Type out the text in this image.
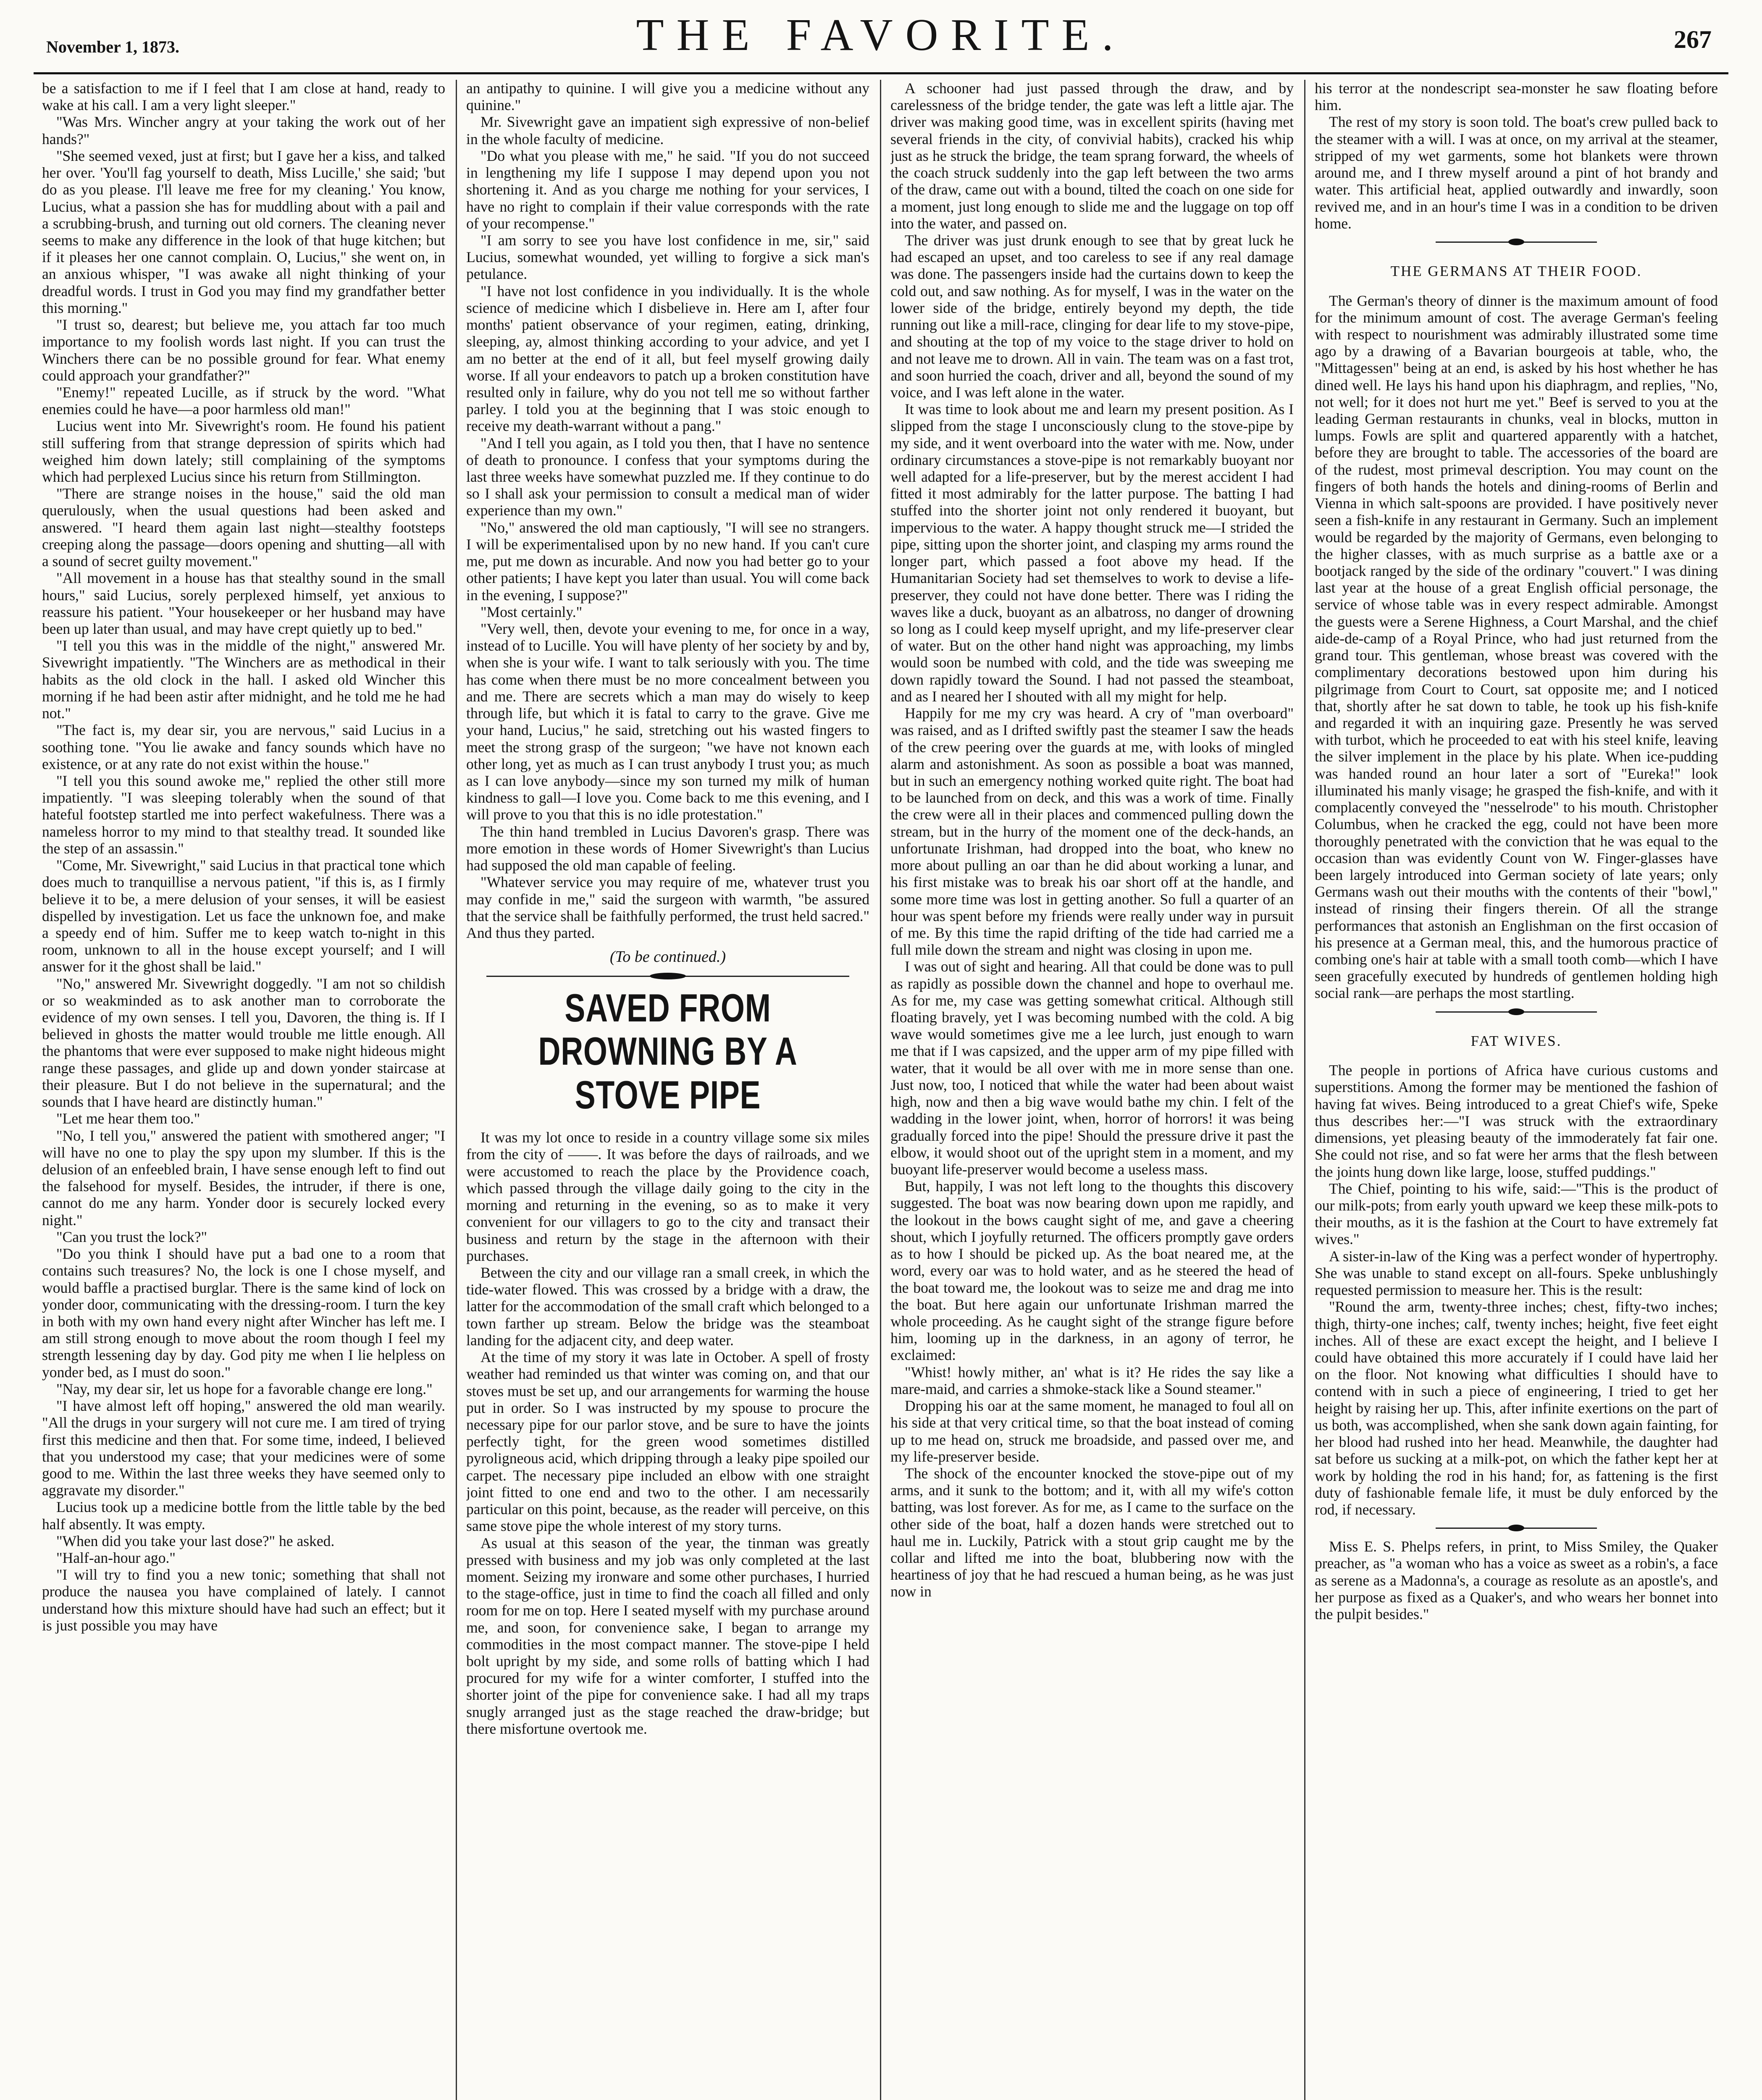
November 1, 1873.	THE FAVORITE.	267

be a satisfaction to me if I feel that I am close at hand, ready to wake at his call. I am a very light sleeper."

"Was Mrs. Wincher angry at your taking the work out of her hands?"

"She seemed vexed, just at first; but I gave her a kiss, and talked her over. 'You'll fag yourself to death, Miss Lucille,' she said; 'but do as you please. I'll leave me free for my cleaning.' You know, Lucius, what a passion she has for muddling about with a pail and a scrubbing-brush, and turning out old corners. The cleaning never seems to make any difference in the look of that huge kitchen; but if it pleases her one cannot complain. O, Lucius," she went on, in an anxious whisper, "I was awake all night thinking of your dreadful words. I trust in God you may find my grandfather better this morning."

"I trust so, dearest; but believe me, you attach far too much importance to my foolish words last night. If you can trust the Winchers there can be no possible ground for fear. What enemy could approach your grandfather?"

"Enemy!" repeated Lucille, as if struck by the word. "What enemies could he have—a poor harmless old man!"

Lucius went into Mr. Sivewright's room. He found his patient still suffering from that strange depression of spirits which had weighed him down lately; still complaining of the symptoms which had perplexed Lucius since his return from Stillmington.

"There are strange noises in the house," said the old man querulously, when the usual questions had been asked and answered. "I heard them again last night—stealthy footsteps creeping along the passage—doors opening and shutting—all with a sound of secret guilty movement."

"All movement in a house has that stealthy sound in the small hours," said Lucius, sorely perplexed himself, yet anxious to reassure his patient. "Your housekeeper or her husband may have been up later than usual, and may have crept quietly up to bed."

"I tell you this was in the middle of the night," answered Mr. Sivewright impatiently. "The Winchers are as methodical in their habits as the old clock in the hall. I asked old Wincher this morning if he had been astir after midnight, and he told me he had not."

"The fact is, my dear sir, you are nervous," said Lucius in a soothing tone. "You lie awake and fancy sounds which have no existence, or at any rate do not exist within the house."

"I tell you this sound awoke me," replied the other still more impatiently. "I was sleeping tolerably when the sound of that hateful footstep startled me into perfect wakefulness. There was a nameless horror to my mind to that stealthy tread. It sounded like the step of an assassin."

"Come, Mr. Sivewright," said Lucius in that practical tone which does much to tranquillise a nervous patient, "if this is, as I firmly believe it to be, a mere delusion of your senses, it will be easiest dispelled by investigation. Let us face the unknown foe, and make a speedy end of him. Suffer me to keep watch to-night in this room, unknown to all in the house except yourself; and I will answer for it the ghost shall be laid."

"No," answered Mr. Sivewright doggedly. "I am not so childish or so weakminded as to ask another man to corroborate the evidence of my own senses. I tell you, Davoren, the thing is. If I believed in ghosts the matter would trouble me little enough. All the phantoms that were ever supposed to make night hideous might range these passages, and glide up and down yonder staircase at their pleasure. But I do not believe in the supernatural; and the sounds that I have heard are distinctly human."

"Let me hear them too."

"No, I tell you," answered the patient with smothered anger; "I will have no one to play the spy upon my slumber. If this is the delusion of an enfeebled brain, I have sense enough left to find out the falsehood for myself. Besides, the intruder, if there is one, cannot do me any harm. Yonder door is securely locked every night."

"Can you trust the lock?"

"Do you think I should have put a bad one to a room that contains such treasures? No, the lock is one I chose myself, and would baffle a practised burglar. There is the same kind of lock on yonder door, communicating with the dressing-room. I turn the key in both with my own hand every night after Wincher has left me. I am still strong enough to move about the room though I feel my strength lessening day by day. God pity me when I lie helpless on yonder bed, as I must do soon."

"Nay, my dear sir, let us hope for a favorable change ere long."

"I have almost left off hoping," answered the old man wearily. "All the drugs in your surgery will not cure me. I am tired of trying first this medicine and then that. For some time, indeed, I believed that you understood my case; that your medicines were of some good to me. Within the last three weeks they have seemed only to aggravate my disorder."

Lucius took up a medicine bottle from the little table by the bed half absently. It was empty.

"When did you take your last dose?" he asked.

"Half-an-hour ago."

"I will try to find you a new tonic; something that shall not produce the nausea you have complained of lately. I cannot understand how this mixture should have had such an effect; but it is just possible you may have

an antipathy to quinine. I will give you a medicine without any quinine."

Mr. Sivewright gave an impatient sigh expressive of non-belief in the whole faculty of medicine.

"Do what you please with me," he said. "If you do not succeed in lengthening my life I suppose I may depend upon you not shortening it. And as you charge me nothing for your services, I have no right to complain if their value corresponds with the rate of your recompense."

"I am sorry to see you have lost confidence in me, sir," said Lucius, somewhat wounded, yet willing to forgive a sick man's petulance.

"I have not lost confidence in you individually. It is the whole science of medicine which I disbelieve in. Here am I, after four months' patient observance of your regimen, eating, drinking, sleeping, ay, almost thinking according to your advice, and yet I am no better at the end of it all, but feel myself growing daily worse. If all your endeavors to patch up a broken constitution have resulted only in failure, why do you not tell me so without farther parley. I told you at the beginning that I was stoic enough to receive my death-warrant without a pang."

"And I tell you again, as I told you then, that I have no sentence of death to pronounce. I confess that your symptoms during the last three weeks have somewhat puzzled me. If they continue to do so I shall ask your permission to consult a medical man of wider experience than my own."

"No," answered the old man captiously, "I will see no strangers. I will be experimentalised upon by no new hand. If you can't cure me, put me down as incurable. And now you had better go to your other patients; I have kept you later than usual. You will come back in the evening, I suppose?"

"Most certainly."

"Very well, then, devote your evening to me, for once in a way, instead of to Lucille. You will have plenty of her society by and by, when she is your wife. I want to talk seriously with you. The time has come when there must be no more concealment between you and me. There are secrets which a man may do wisely to keep through life, but which it is fatal to carry to the grave. Give me your hand, Lucius," he said, stretching out his wasted fingers to meet the strong grasp of the surgeon; "we have not known each other long, yet as much as I can trust anybody I trust you; as much as I can love anybody—since my son turned my milk of human kindness to gall—I love you. Come back to me this evening, and I will prove to you that this is no idle protestation."

The thin hand trembled in Lucius Davoren's grasp. There was more emotion in these words of Homer Sivewright's than Lucius had supposed the old man capable of feeling.

"Whatever service you may require of me, whatever trust you may confide in me," said the surgeon with warmth, "be assured that the service shall be faithfully performed, the trust held sacred." And thus they parted.

(To be continued.)

SAVED FROM DROWNING BY A STOVE PIPE

It was my lot once to reside in a country village some six miles from the city of ——. It was before the days of railroads, and we were accustomed to reach the place by the Providence coach, which passed through the village daily going to the city in the morning and returning in the evening, so as to make it very convenient for our villagers to go to the city and transact their business and return by the stage in the afternoon with their purchases.

Between the city and our village ran a small creek, in which the tide-water flowed. This was crossed by a bridge with a draw, the latter for the accommodation of the small craft which belonged to a town farther up stream. Below the bridge was the steamboat landing for the adjacent city, and deep water.

At the time of my story it was late in October. A spell of frosty weather had reminded us that winter was coming on, and that our stoves must be set up, and our arrangements for warming the house put in order. So I was instructed by my spouse to procure the necessary pipe for our parlor stove, and be sure to have the joints perfectly tight, for the green wood sometimes distilled pyroligneous acid, which dripping through a leaky pipe spoiled our carpet. The necessary pipe included an elbow with one straight joint fitted to one end and two to the other. I am necessarily particular on this point, because, as the reader will perceive, on this same stove pipe the whole interest of my story turns.

As usual at this season of the year, the tinman was greatly pressed with business and my job was only completed at the last moment. Seizing my ironware and some other purchases, I hurried to the stage-office, just in time to find the coach all filled and only room for me on top. Here I seated myself with my purchase around me, and soon, for convenience sake, I began to arrange my commodities in the most compact manner. The stove-pipe I held bolt upright by my side, and some rolls of batting which I had procured for my wife for a winter comforter, I stuffed into the shorter joint of the pipe for convenience sake. I had all my traps snugly arranged just as the stage reached the draw-bridge; but there misfortune overtook me.

A schooner had just passed through the draw, and by carelessness of the bridge tender, the gate was left a little ajar. The driver was making good time, was in excellent spirits (having met several friends in the city, of convivial habits), cracked his whip just as he struck the bridge, the team sprang forward, the wheels of the coach struck suddenly into the gap left between the two arms of the draw, came out with a bound, tilted the coach on one side for a moment, just long enough to slide me and the luggage on top off into the water, and passed on.

The driver was just drunk enough to see that by great luck he had escaped an upset, and too careless to see if any real damage was done. The passengers inside had the curtains down to keep the cold out, and saw nothing. As for myself, I was in the water on the lower side of the bridge, entirely beyond my depth, the tide running out like a mill-race, clinging for dear life to my stove-pipe, and shouting at the top of my voice to the stage driver to hold on and not leave me to drown. All in vain. The team was on a fast trot, and soon hurried the coach, driver and all, beyond the sound of my voice, and I was left alone in the water.

It was time to look about me and learn my present position. As I slipped from the stage I unconsciously clung to the stove-pipe by my side, and it went overboard into the water with me. Now, under ordinary circumstances a stove-pipe is not remarkably buoyant nor well adapted for a life-preserver, but by the merest accident I had fitted it most admirably for the latter purpose. The batting I had stuffed into the shorter joint not only rendered it buoyant, but impervious to the water. A happy thought struck me—I strided the pipe, sitting upon the shorter joint, and clasping my arms round the longer part, which passed a foot above my head. If the Humanitarian Society had set themselves to work to devise a life-preserver, they could not have done better. There was I riding the waves like a duck, buoyant as an albatross, no danger of drowning so long as I could keep myself upright, and my life-preserver clear of water. But on the other hand night was approaching, my limbs would soon be numbed with cold, and the tide was sweeping me down rapidly toward the Sound. I had not passed the steamboat, and as I neared her I shouted with all my might for help.

Happily for me my cry was heard. A cry of "man overboard" was raised, and as I drifted swiftly past the steamer I saw the heads of the crew peering over the guards at me, with looks of mingled alarm and astonishment. As soon as possible a boat was manned, but in such an emergency nothing worked quite right. The boat had to be launched from on deck, and this was a work of time. Finally the crew were all in their places and commenced pulling down the stream, but in the hurry of the moment one of the deck-hands, an unfortunate Irishman, had dropped into the boat, who knew no more about pulling an oar than he did about working a lunar, and his first mistake was to break his oar short off at the handle, and some more time was lost in getting another. So full a quarter of an hour was spent before my friends were really under way in pursuit of me. By this time the rapid drifting of the tide had carried me a full mile down the stream and night was closing in upon me.

I was out of sight and hearing. All that could be done was to pull as rapidly as possible down the channel and hope to overhaul me. As for me, my case was getting somewhat critical. Although still floating bravely, yet I was becoming numbed with the cold. A big wave would sometimes give me a lee lurch, just enough to warn me that if I was capsized, and the upper arm of my pipe filled with water, that it would be all over with me in more sense than one. Just now, too, I noticed that while the water had been about waist high, now and then a big wave would bathe my chin. I felt of the wadding in the lower joint, when, horror of horrors! it was being gradually forced into the pipe! Should the pressure drive it past the elbow, it would shoot out of the upright stem in a moment, and my buoyant life-preserver would become a useless mass.

But, happily, I was not left long to the thoughts this discovery suggested. The boat was now bearing down upon me rapidly, and the lookout in the bows caught sight of me, and gave a cheering shout, which I joyfully returned. The officers promptly gave orders as to how I should be picked up. As the boat neared me, at the word, every oar was to hold water, and as he steered the head of the boat toward me, the lookout was to seize me and drag me into the boat. But here again our unfortunate Irishman marred the whole proceeding. As he caught sight of the strange figure before him, looming up in the darkness, in an agony of terror, he exclaimed:

"Whist! howly mither, an' what is it? He rides the say like a mare-maid, and carries a shmoke-stack like a Sound steamer."

Dropping his oar at the same moment, he managed to foul all on his side at that very critical time, so that the boat instead of coming up to me head on, struck me broadside, and passed over me, and my life-preserver beside.

The shock of the encounter knocked the stove-pipe out of my arms, and it sunk to the bottom; and it, with all my wife's cotton batting, was lost forever. As for me, as I came to the surface on the other side of the boat, half a dozen hands were stretched out to haul me in. Luckily, Patrick with a stout grip caught me by the collar and lifted me into the boat, blubbering now with the heartiness of joy that he had rescued a human being, as he was just now in

his terror at the nondescript sea-monster he saw floating before him.

The rest of my story is soon told. The boat's crew pulled back to the steamer with a will. I was at once, on my arrival at the steamer, stripped of my wet garments, some hot blankets were thrown around me, and I threw myself around a pint of hot brandy and water. This artificial heat, applied outwardly and inwardly, soon revived me, and in an hour's time I was in a condition to be driven home.

THE GERMANS AT THEIR FOOD.

The German's theory of dinner is the maximum amount of food for the minimum amount of cost. The average German's feeling with respect to nourishment was admirably illustrated some time ago by a drawing of a Bavarian bourgeois at table, who, the "Mittagessen" being at an end, is asked by his host whether he has dined well. He lays his hand upon his diaphragm, and replies, "No, not well; for it does not hurt me yet." Beef is served to you at the leading German restaurants in chunks, veal in blocks, mutton in lumps. Fowls are split and quartered apparently with a hatchet, before they are brought to table. The accessories of the board are of the rudest, most primeval description. You may count on the fingers of both hands the hotels and dining-rooms of Berlin and Vienna in which salt-spoons are provided. I have positively never seen a fish-knife in any restaurant in Germany. Such an implement would be regarded by the majority of Germans, even belonging to the higher classes, with as much surprise as a battle axe or a bootjack ranged by the side of the ordinary "couvert." I was dining last year at the house of a great English official personage, the service of whose table was in every respect admirable. Amongst the guests were a Serene Highness, a Court Marshal, and the chief aide-de-camp of a Royal Prince, who had just returned from the grand tour. This gentleman, whose breast was covered with the complimentary decorations bestowed upon him during his pilgrimage from Court to Court, sat opposite me; and I noticed that, shortly after he sat down to table, he took up his fish-knife and regarded it with an inquiring gaze. Presently he was served with turbot, which he proceeded to eat with his steel knife, leaving the silver implement in the place by his plate. When ice-pudding was handed round an hour later a sort of "Eureka!" look illuminated his manly visage; he grasped the fish-knife, and with it complacently conveyed the "nesselrode" to his mouth. Christopher Columbus, when he cracked the egg, could not have been more thoroughly penetrated with the conviction that he was equal to the occasion than was evidently Count von W. Finger-glasses have been largely introduced into German society of late years; only Germans wash out their mouths with the contents of their "bowl," instead of rinsing their fingers therein. Of all the strange performances that astonish an Englishman on the first occasion of his presence at a German meal, this, and the humorous practice of combing one's hair at table with a small tooth comb—which I have seen gracefully executed by hundreds of gentlemen holding high social rank—are perhaps the most startling.

FAT WIVES.

The people in portions of Africa have curious customs and superstitions. Among the former may be mentioned the fashion of having fat wives. Being introduced to a great Chief's wife, Speke thus describes her:—"I was struck with the extraordinary dimensions, yet pleasing beauty of the immoderately fat fair one. She could not rise, and so fat were her arms that the flesh between the joints hung down like large, loose, stuffed puddings."

The Chief, pointing to his wife, said:—"This is the product of our milk-pots; from early youth upward we keep these milk-pots to their mouths, as it is the fashion at the Court to have extremely fat wives."

A sister-in-law of the King was a perfect wonder of hypertrophy. She was unable to stand except on all-fours. Speke unblushingly requested permission to measure her. This is the result:

"Round the arm, twenty-three inches; chest, fifty-two inches; thigh, thirty-one inches; calf, twenty inches; height, five feet eight inches. All of these are exact except the height, and I believe I could have obtained this more accurately if I could have laid her on the floor. Not knowing what difficulties I should have to contend with in such a piece of engineering, I tried to get her height by raising her up. This, after infinite exertions on the part of us both, was accomplished, when she sank down again fainting, for her blood had rushed into her head. Meanwhile, the daughter had sat before us sucking at a milk-pot, on which the father kept her at work by holding the rod in his hand; for, as fattening is the first duty of fashionable female life, it must be duly enforced by the rod, if necessary.

Miss E. S. Phelps refers, in print, to Miss Smiley, the Quaker preacher, as "a woman who has a voice as sweet as a robin's, a face as serene as a Madonna's, a courage as resolute as an apostle's, and her purpose as fixed as a Quaker's, and who wears her bonnet into the pulpit besides."
